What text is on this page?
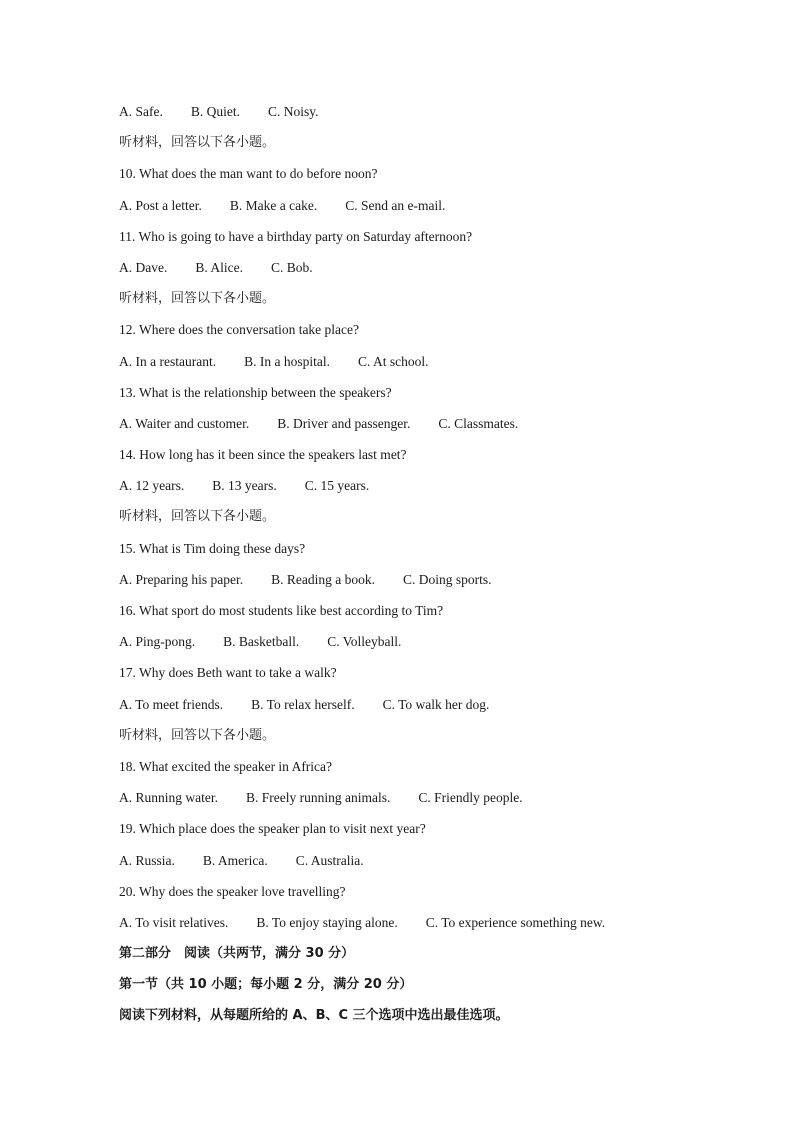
A. Safe. B. Quiet. C. Noisy.
听材料，回答以下各小题。
10. What does the man want to do before noon?
A. Post a letter. B. Make a cake. C. Send an e-mail.
11. Who is going to have a birthday party on Saturday afternoon?
A. Dave. B. Alice. C. Bob.
听材料，回答以下各小题。
12. Where does the conversation take place?
A. In a restaurant. B. In a hospital. C. At school.
13. What is the relationship between the speakers?
A. Waiter and customer. B. Driver and passenger. C. Classmates.
14. How long has it been since the speakers last met?
A. 12 years. B. 13 years. C. 15 years.
听材料，回答以下各小题。
15. What is Tim doing these days?
A. Preparing his paper. B. Reading a book. C. Doing sports.
16. What sport do most students like best according to Tim?
A. Ping-pong. B. Basketball. C. Volleyball.
17. Why does Beth want to take a walk?
A. To meet friends. B. To relax herself. C. To walk her dog.
听材料，回答以下各小题。
18. What excited the speaker in Africa?
A. Running water. B. Freely running animals. C. Friendly people.
19. Which place does the speaker plan to visit next year?
A. Russia. B. America. C. Australia.
20. Why does the speaker love travelling?
A. To visit relatives. B. To enjoy staying alone. C. To experience something new.
第二部分　阅读（共两节，满分 30 分）
第一节（共 10 小题；每小题 2 分，满分 20 分）
阅读下列材料，从每题所给的 A、B、C 三个选项中选出最佳选项。
